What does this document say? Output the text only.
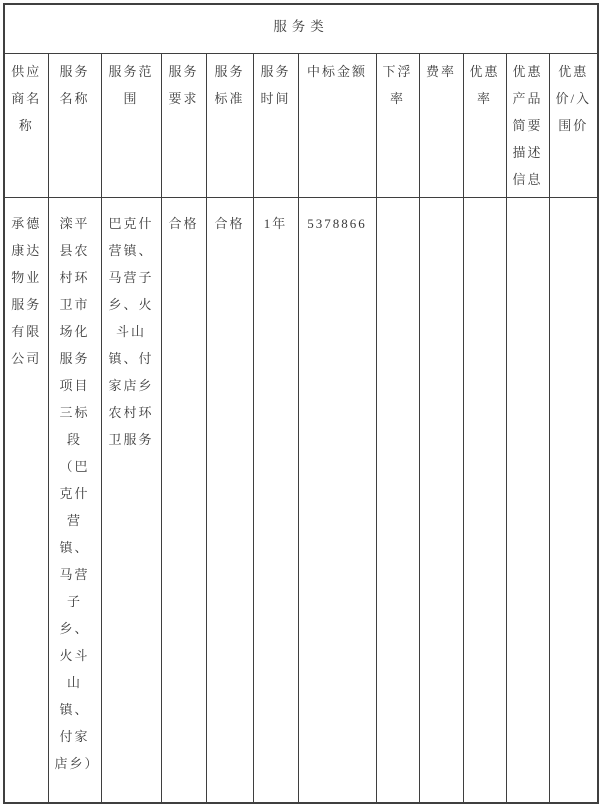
服务类											
供应商名称	服务名称	服务范围	服务要求	服务标准	服务时间	中标金额	下浮率	费率	优惠率	优惠产品简要描述信息	优惠价/入围价
承德康达物业服务有限公司	滦平县农村环卫市场化服务项目三标段（巴克什营镇、马营子乡、火斗山镇、付家店乡）	巴克什营镇、马营子乡、火斗山镇、付家店乡农村环卫服务	合格	合格	1年	5378866					
